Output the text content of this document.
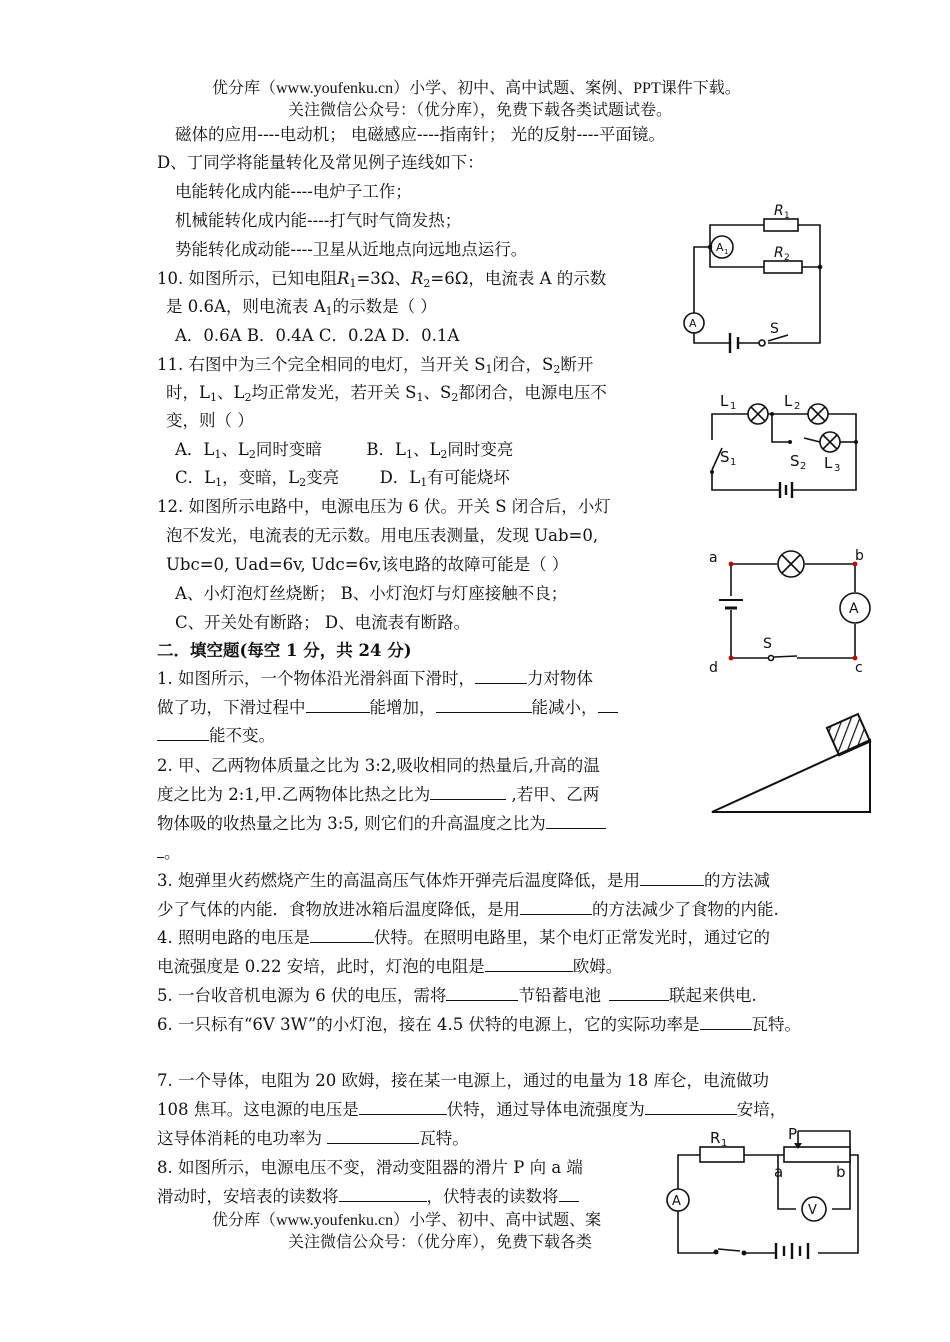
优分库（www.youfenku.cn）小学、初中、高中试题、案例、PPT课件下载。
关注微信公众号：（优分库），免费下载各类试题试卷。
磁体的应用----电动机； 电磁感应----指南针； 光的反射----平面镜。
D、丁同学将能量转化及常见例子连线如下：
电能转化成内能----电炉子工作；
机械能转化成内能----打气时气筒发热；
势能转化成动能----卫星从近地点向远地点运行。
10. 如图所示，已知电阻$R_1=3\Omega$、$R_2=6\Omega$，电流表 A 的示数
是 0.6A，则电流表 $A_1$的示数是（ ）
A．0.6A B．0.4A C．0.2A D．0.1A
11. 右图中为三个完全相同的电灯，当开关 $S_1$闭合，$S_2$断开
时，$L_1$、$L_2$均正常发光，若开关 $S_1$、$S_2$都闭合，电源电压不
变，则（ ）
A．$L_1$、$L_2$同时变暗	B．$L_1$、$L_2$同时变亮
C．$L_1$，变暗，$L_2$变亮 D．$L_1$有可能烧坏
12. 如图所示电路中，电源电压为 6 伏。开关 S 闭合后，小灯
泡不发光，电流表的无示数。用电压表测量，发现 Uab=0,
Ubc=0, Uad=6v, Udc=6v,该电路的故障可能是（ ）
A、小灯泡灯丝烧断； B、小灯泡灯与灯座接触不良；
C、开关处有断路； D、电流表有断路。
二．填空题(每空 1 分，共 24 分)
1. 如图所示，一个物体沿光滑斜面下滑时，	力对物体
做了功，下滑过程中	能增加，	能减小，
能不变。
2. 甲、乙两物体质量之比为 3:2,吸收相同的热量后,升高的温
度之比为 2:1,甲.乙两物体比热之比为	,若甲、乙两
物体吸的收热量之比为 3:5, 则它们的升高温度之比为
。
3. 炮弹里火药燃烧产生的高温高压气体炸开弹壳后温度降低，是用	的方法减
少了气体的内能．食物放进冰箱后温度降低，是用	的方法减少了食物的内能.
4. 照明电路的电压是	伏特。在照明电路里，某个电灯正常发光时，通过它的
电流强度是 0.22 安培，此时，灯泡的电阻是	欧姆。
5. 一台收音机电源为 6 伏的电压，需将	节铅蓄电池	联起来供电.
6. 一只标有“6V 3W”的小灯泡，接在 4.5 伏特的电源上，它的实际功率是	瓦特。
7. 一个导体，电阻为 20 欧姆，接在某一电源上，通过的电量为 18 库仑，电流做功
108 焦耳。这电源的电压是	伏特，通过导体电流强度为	安培，
这导体消耗的电功率为	瓦特。
8. 如图所示，电源电压不变，滑动变阻器的滑片 P 向 a 端
滑动时，安培表的读数将	，伏特表的读数将
优分库（www.youfenku.cn）小学、初中、高中试题、案
关注微信公众号：（优分库），免费下载各类
R 1
R 2
A 1
A	S
L 1	L 2
L 3
S 1	S 2
a	b
c
d
A
S
R 1
P
a	b
A
V
